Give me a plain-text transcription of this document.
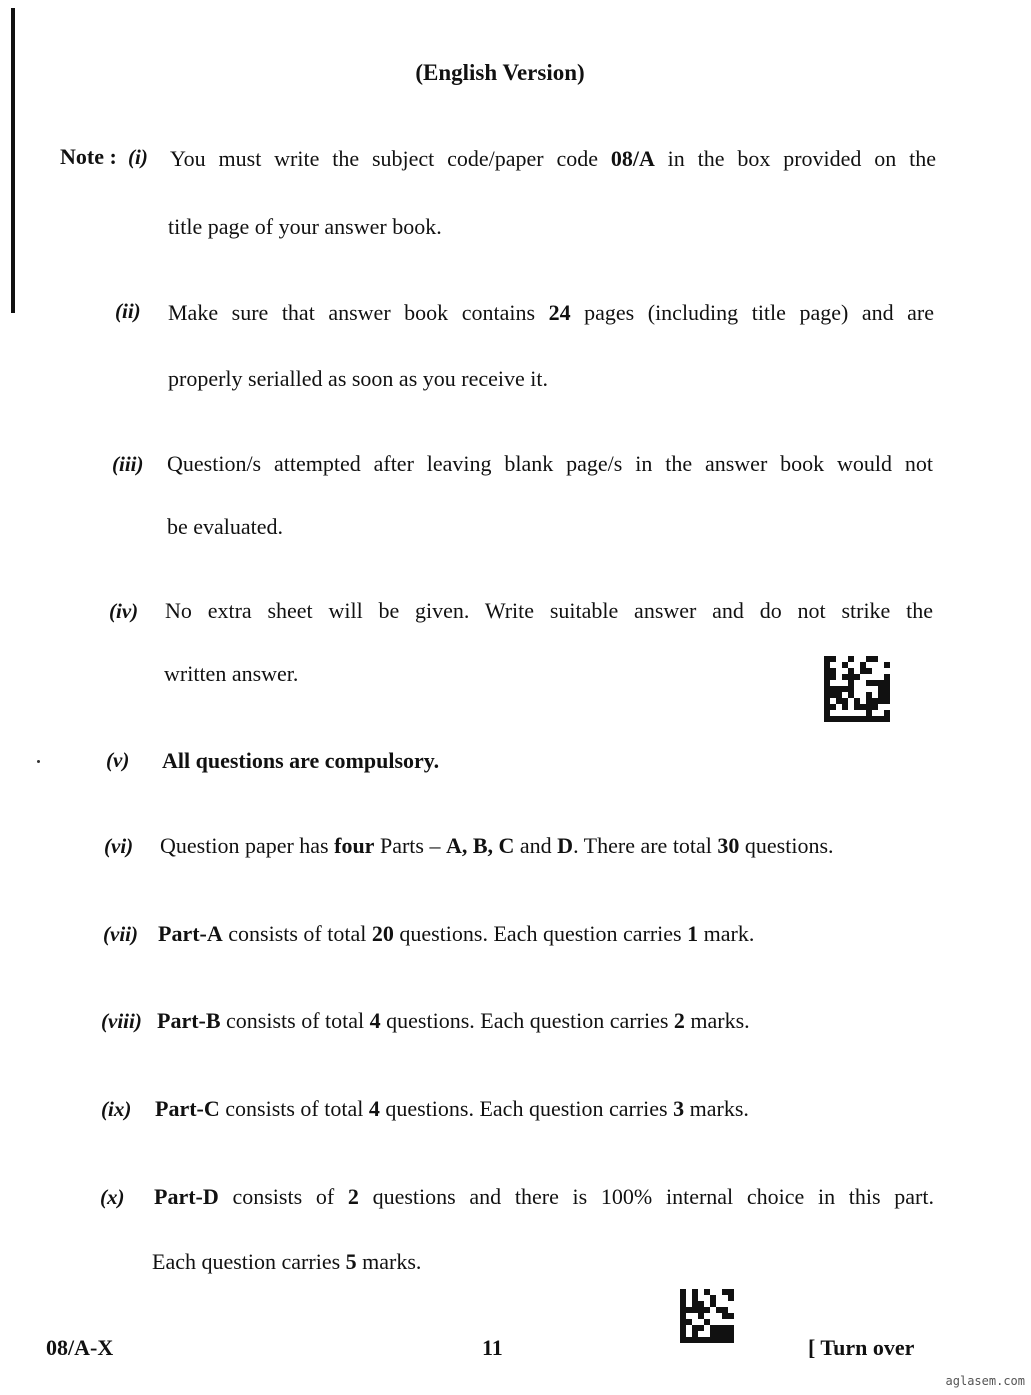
(English Version)
Note : (i) You must write the subject code/paper code 08/A in the box provided on the
title page of your answer book.
(ii) Make sure that answer book contains 24 pages (including title page) and are
properly serialled as soon as you receive it.
(iii) Question/s attempted after leaving blank page/s in the answer book would not
be evaluated.
(iv) No extra sheet will be given. Write suitable answer and do not strike the
written answer.
(v) All questions are compulsory.
(vi) Question paper has four Parts – A, B, C and D. There are total 30 questions.
(vii) Part-A consists of total 20 questions. Each question carries 1 mark.
(viii) Part-B consists of total 4 questions. Each question carries 2 marks.
(ix) Part-C consists of total 4 questions. Each question carries 3 marks.
(x) Part-D consists of 2 questions and there is 100% internal choice in this part.
Each question carries 5 marks.
08/A-X	11	[ Turn over
aglasem.com
